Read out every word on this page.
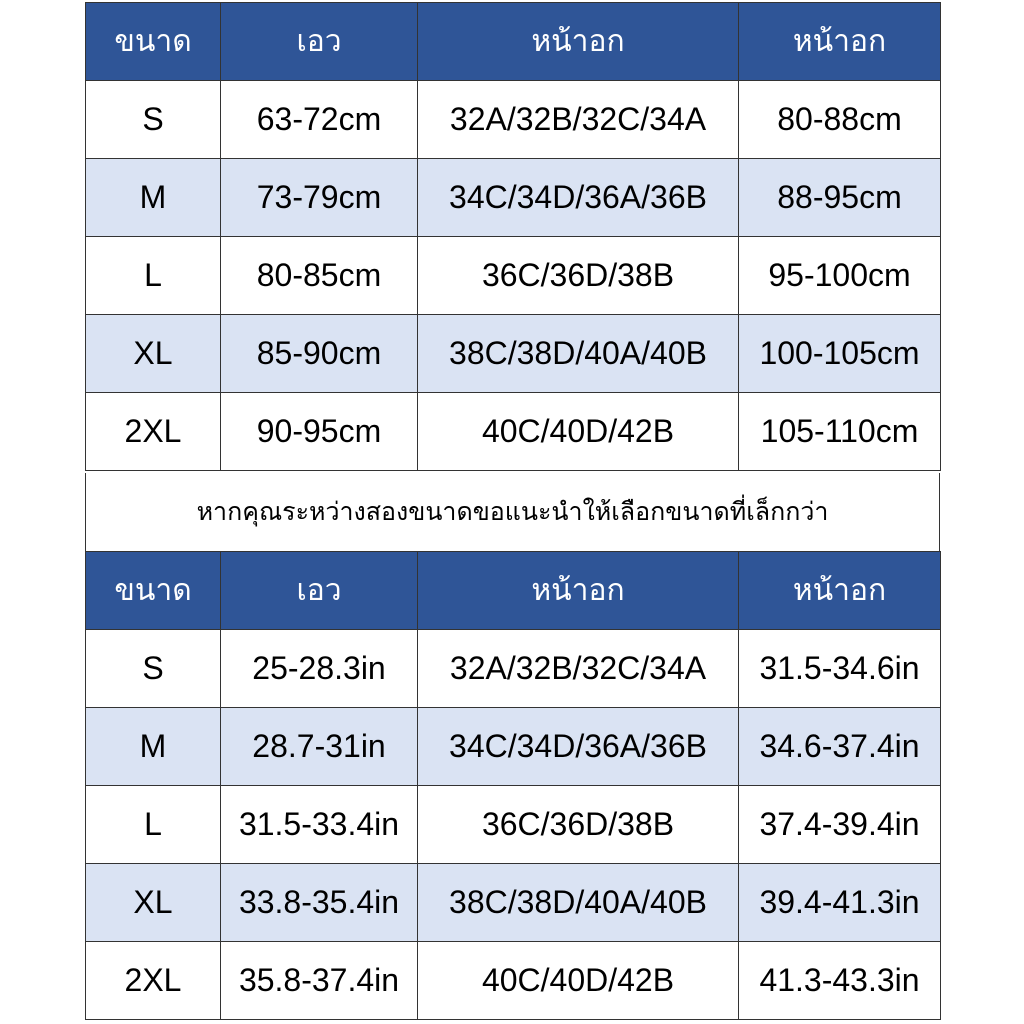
ขนาด	เอว	หน้าอก	หน้าอก
S	63-72cm	32A/32B/32C/34A	80-88cm
M	73-79cm	34C/34D/36A/36B	88-95cm
L	80-85cm	36C/36D/38B	95-100cm
XL	85-90cm	38C/38D/40A/40B	100-105cm
2XL	90-95cm	40C/40D/42B	105-110cm
หากคุณระหว่างสองขนาดขอแนะนำให้เลือกขนาดที่เล็กกว่า
ขนาด	เอว	หน้าอก	หน้าอก
S	25-28.3in	32A/32B/32C/34A	31.5-34.6in
M	28.7-31in	34C/34D/36A/36B	34.6-37.4in
L	31.5-33.4in	36C/36D/38B	37.4-39.4in
XL	33.8-35.4in	38C/38D/40A/40B	39.4-41.3in
2XL	35.8-37.4in	40C/40D/42B	41.3-43.3in
